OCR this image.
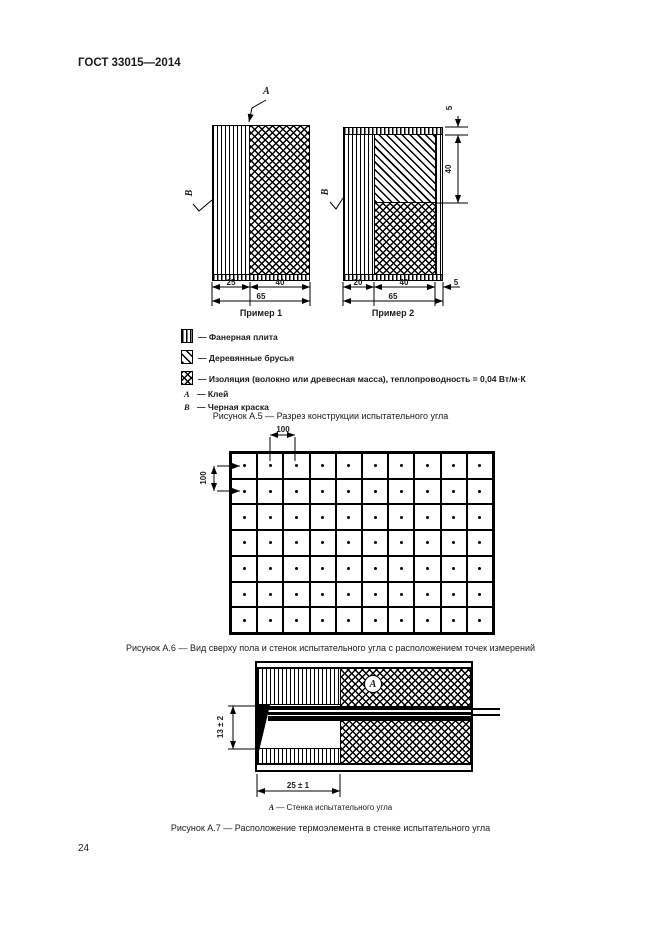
ГОСТ 33015—2014
25	40
65
Пример 1
20	40	5
65
5
40
Пример 2
А
В	В
— Фанерная плита
— Деревянные брусья
— Изоляция (волокно или древесная масса), теплопроводность = 0,04 Вт/м·К
А — Клей
В — Черная краска
Рисунок А.5 — Разрез конструкции испытательного угла
100
100
Рисунок А.6 — Вид сверху пола и стенок испытательного угла с расположением точек измерений
А
13 ± 2
25 ± 1
А — Стенка испытательного угла
Рисунок А.7 — Расположение термоэлемента в стенке испытательного угла
24
